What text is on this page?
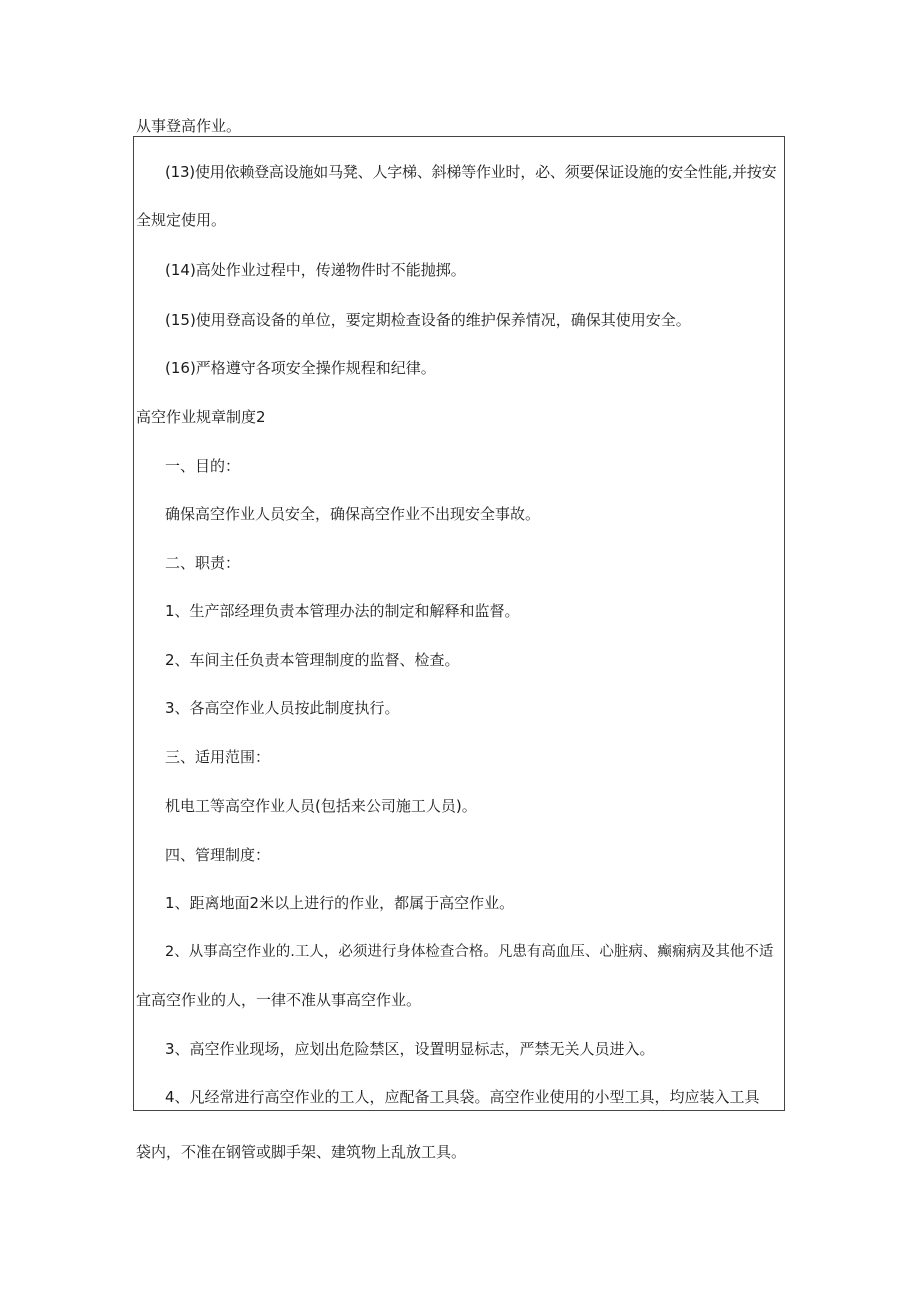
从事登高作业。

(13)使用依赖登高设施如马凳、人字梯、斜梯等作业时，必、须要保证设施的安全性能,并按安

全规定使用。

(14)高处作业过程中，传递物件时不能抛掷。

(15)使用登高设备的单位，要定期检查设备的维护保养情况，确保其使用安全。

(16)严格遵守各项安全操作规程和纪律。

高空作业规章制度2

一、目的：

确保高空作业人员安全，确保高空作业不出现安全事故。

二、职责：

1、生产部经理负责本管理办法的制定和解释和监督。

2、车间主任负责本管理制度的监督、检查。

3、各高空作业人员按此制度执行。

三、适用范围：

机电工等高空作业人员(包括来公司施工人员)。

四、管理制度：

1、距离地面2米以上进行的作业，都属于高空作业。

2、从事高空作业的.工人，必须进行身体检查合格。凡患有高血压、心脏病、癫痫病及其他不适

宜高空作业的人，一律不准从事高空作业。

3、高空作业现场，应划出危险禁区，设置明显标志，严禁无关人员进入。

4、凡经常进行高空作业的工人，应配备工具袋。高空作业使用的小型工具，均应装入工具

袋内，不准在钢管或脚手架、建筑物上乱放工具。
